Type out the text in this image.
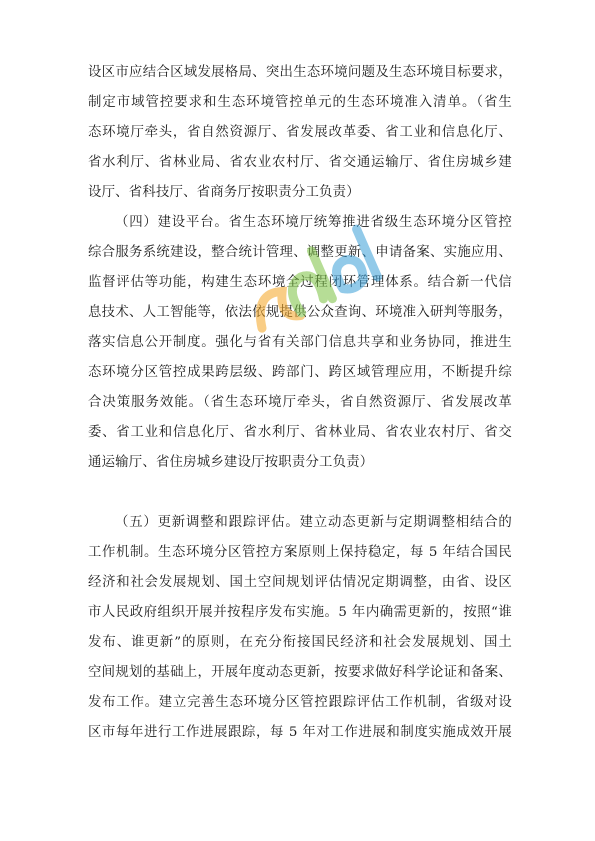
设区市应结合区域发展格局、突出生态环境问题及生态环境目标要求，
制定市域管控要求和生态环境管控单元的生态环境准入清单。（省生
态环境厅牵头，省自然资源厅、省发展改革委、省工业和信息化厅、
省水利厅、省林业局、省农业农村厅、省交通运输厅、省住房城乡建
设厅、省科技厅、省商务厅按职责分工负责）
（四）建设平台。省生态环境厅统筹推进省级生态环境分区管控
综合服务系统建设，整合统计管理、调整更新、申请备案、实施应用、
监督评估等功能，构建生态环境全过程闭环管理体系。结合新一代信
息技术、人工智能等，依法依规提供公众查询、环境准入研判等服务，
落实信息公开制度。强化与省有关部门信息共享和业务协同，推进生
态环境分区管控成果跨层级、跨部门、跨区域管理应用，不断提升综
合决策服务效能。（省生态环境厅牵头，省自然资源厅、省发展改革
委、省工业和信息化厅、省水利厅、省林业局、省农业农村厅、省交
通运输厅、省住房城乡建设厅按职责分工负责）
（五）更新调整和跟踪评估。建立动态更新与定期调整相结合的
工作机制。生态环境分区管控方案原则上保持稳定，每 5 年结合国民
经济和社会发展规划、国土空间规划评估情况定期调整，由省、设区
市人民政府组织开展并按程序发布实施。5 年内确需更新的，按照“谁
发布、谁更新”的原则，在充分衔接国民经济和社会发展规划、国土
空间规划的基础上，开展年度动态更新，按要求做好科学论证和备案、
发布工作。建立完善生态环境分区管控跟踪评估工作机制，省级对设
区市每年进行工作进展跟踪，每 5 年对工作进展和制度实施成效开展
